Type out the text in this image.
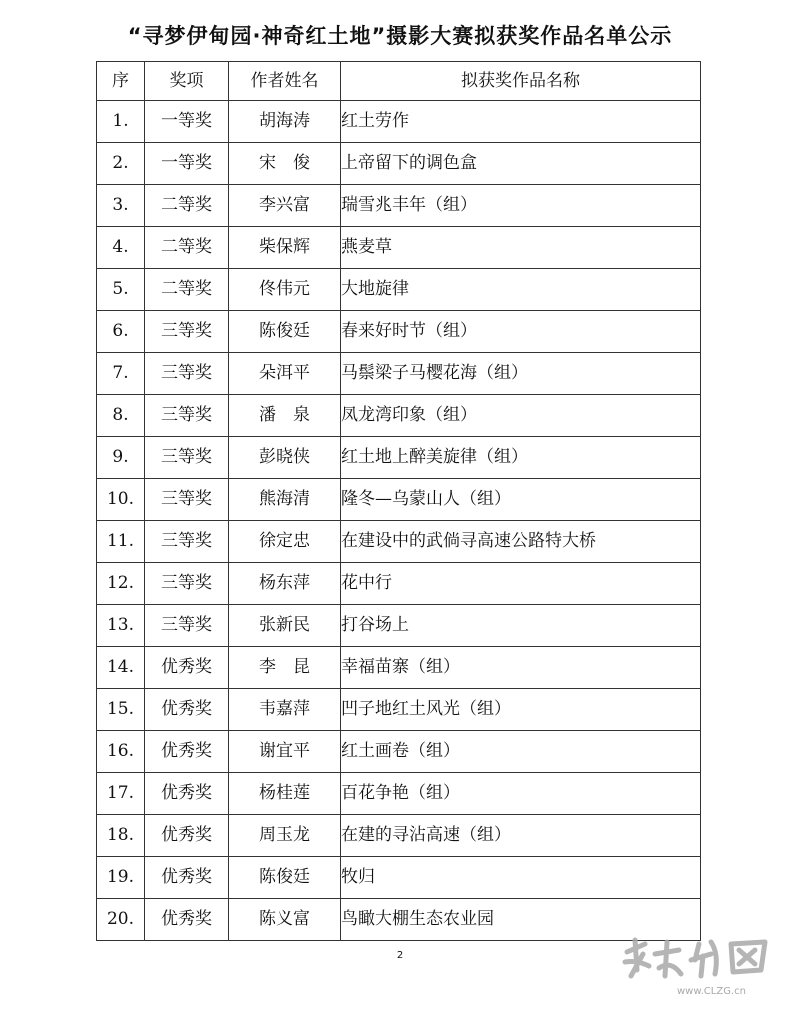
“寻梦伊甸园·神奇红土地”摄影大赛拟获奖作品名单公示
序	奖项	作者姓名	拟获奖作品名称
1.	一等奖	胡海涛	红土劳作
2.	一等奖	宋　俊	上帝留下的调色盒
3.	二等奖	李兴富	瑞雪兆丰年（组）
4.	二等奖	柴保辉	燕麦草
5.	二等奖	佟伟元	大地旋律
6.	三等奖	陈俊廷	春来好时节（组）
7.	三等奖	朵洱平	马鬃梁子马樱花海（组）
8.	三等奖	潘　泉	凤龙湾印象（组）
9.	三等奖	彭晓侠	红土地上醉美旋律（组）
10.	三等奖	熊海清	隆冬—乌蒙山人（组）
11.	三等奖	徐定忠	在建设中的武倘寻高速公路特大桥
12.	三等奖	杨东萍	花中行
13.	三等奖	张新民	打谷场上
14.	优秀奖	李　昆	幸福苗寨（组）
15.	优秀奖	韦嘉萍	凹子地红土风光（组）
16.	优秀奖	谢宜平	红土画卷（组）
17.	优秀奖	杨桂莲	百花争艳（组）
18.	优秀奖	周玉龙	在建的寻沾高速（组）
19.	优秀奖	陈俊廷	牧归
20.	优秀奖	陈义富	鸟瞰大棚生态农业园
2
www.CLZG.cn
